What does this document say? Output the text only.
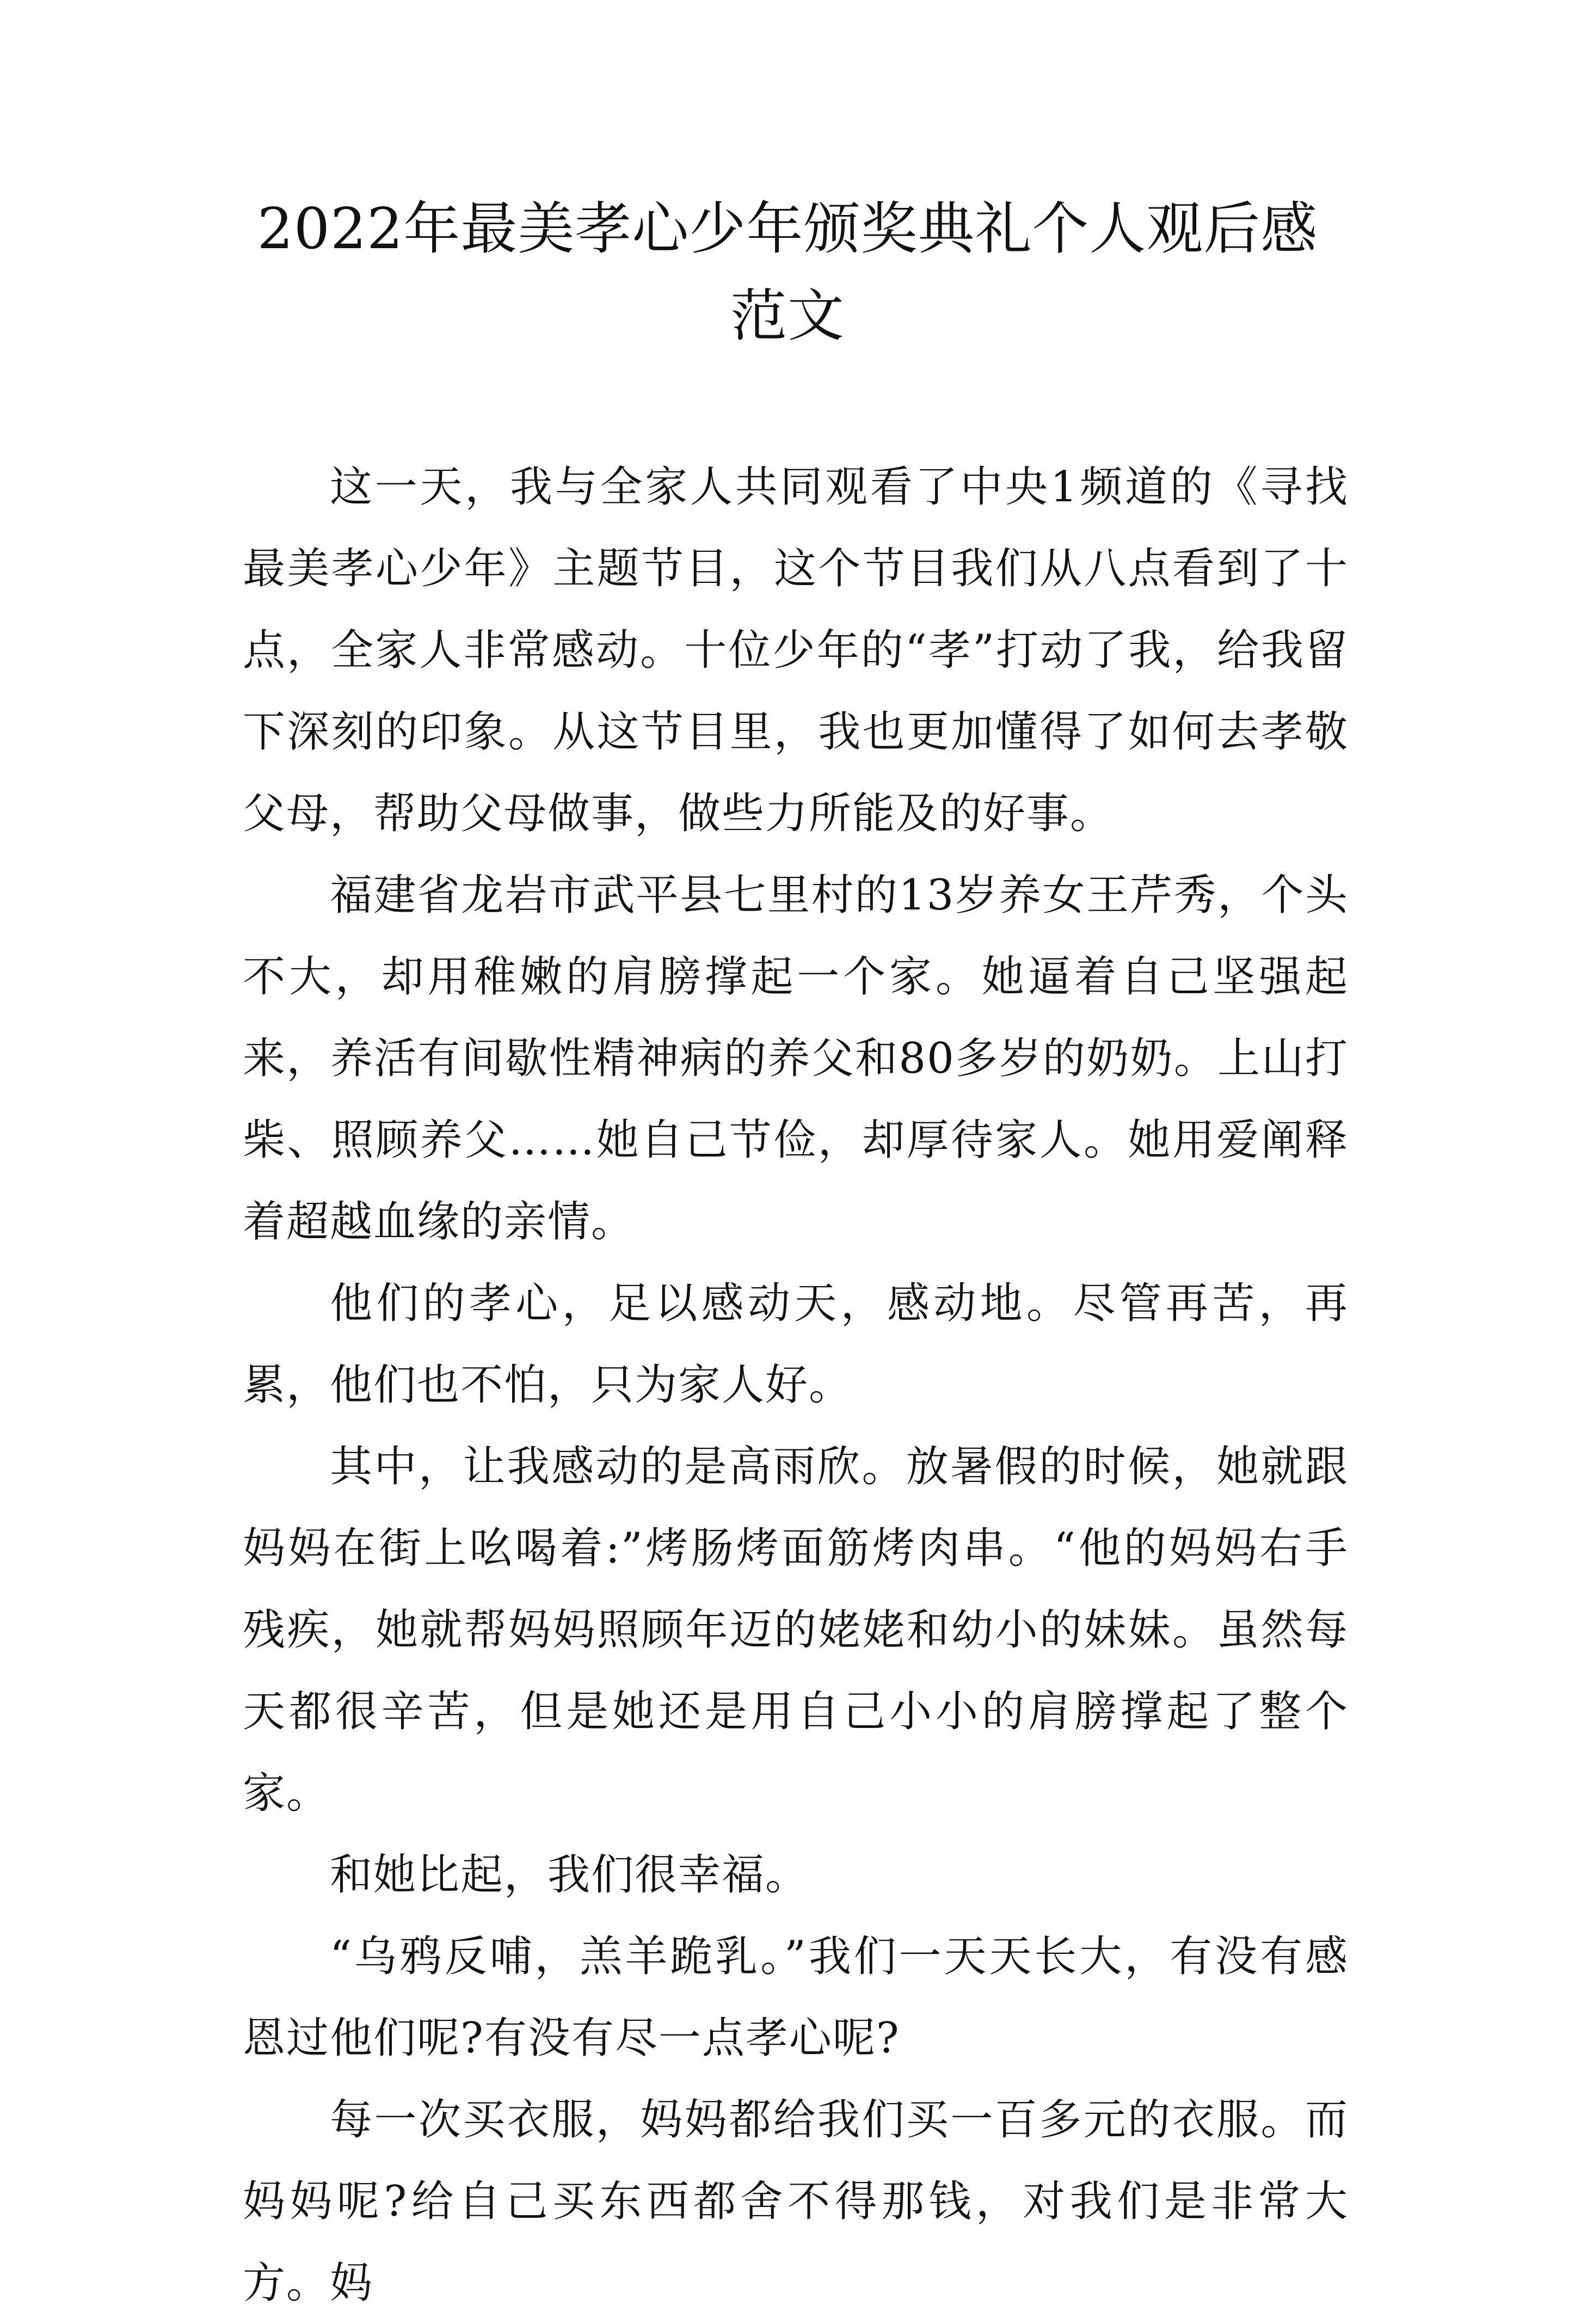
2022年最美孝心少年颁奖典礼个人观后感
范文

这一天，我与全家人共同观看了中央1频道的《寻找最美孝心少年》主题节目，这个节目我们从八点看到了十点，全家人非常感动。十位少年的“孝”打动了我，给我留下深刻的印象。从这节目里，我也更加懂得了如何去孝敬父母，帮助父母做事，做些力所能及的好事。

福建省龙岩市武平县七里村的13岁养女王芹秀，个头不大，却用稚嫩的肩膀撑起一个家。她逼着自己坚强起来，养活有间歇性精神病的养父和80多岁的奶奶。上山打柴、照顾养父……她自己节俭，却厚待家人。她用爱阐释着超越血缘的亲情。

他们的孝心，足以感动天，感动地。尽管再苦，再累，他们也不怕，只为家人好。

其中，让我感动的是高雨欣。放暑假的时候，她就跟妈妈在街上吆喝着:”烤肠烤面筋烤肉串。“他的妈妈右手残疾，她就帮妈妈照顾年迈的姥姥和幼小的妹妹。虽然每天都很辛苦，但是她还是用自己小小的肩膀撑起了整个家。

和她比起，我们很幸福。

“乌鸦反哺，羔羊跪乳。”我们一天天长大，有没有感恩过他们呢?有没有尽一点孝心呢?

每一次买衣服，妈妈都给我们买一百多元的衣服。而妈妈呢?给自己买东西都舍不得那钱，对我们是非常大方。妈
